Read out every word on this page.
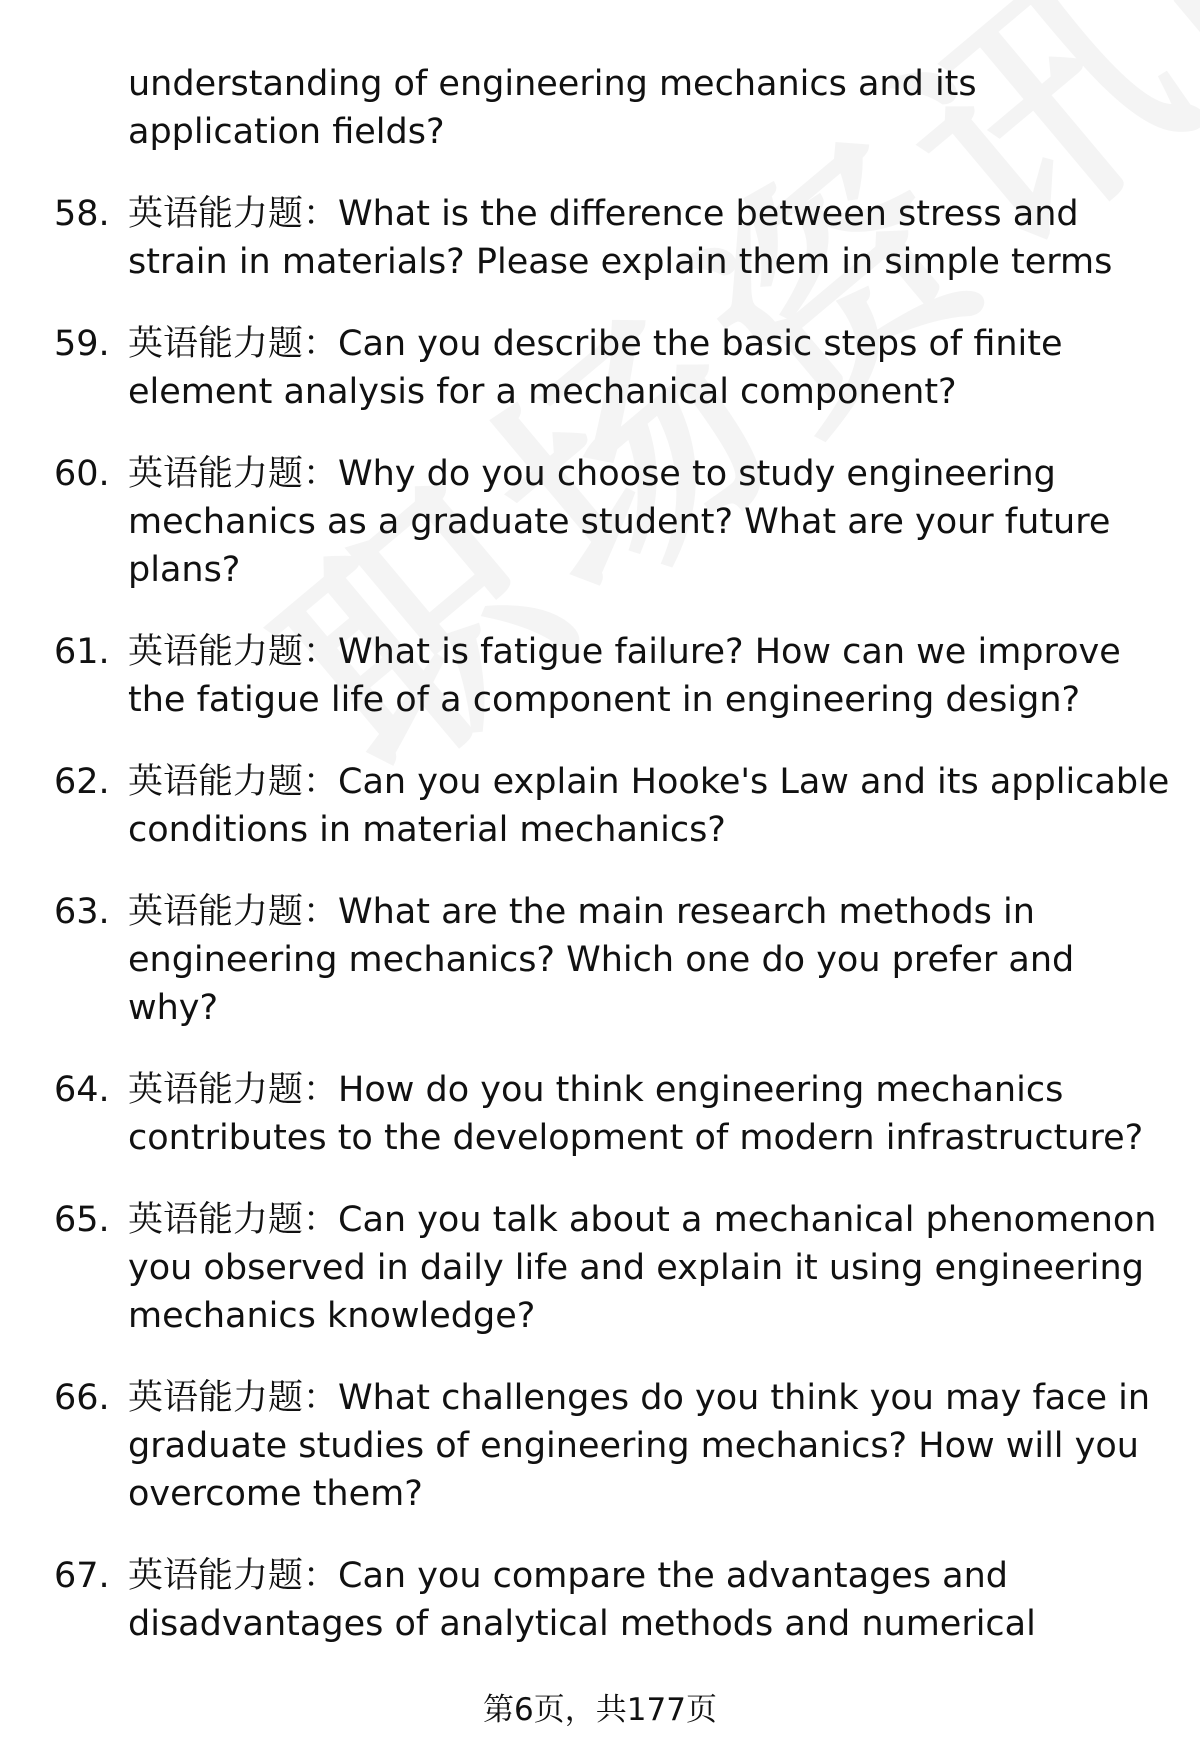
understanding of engineering mechanics and its application fields?
58. 英语能力题：What is the difference between stress and strain in materials? Please explain them in simple terms
59. 英语能力题：Can you describe the basic steps of finite element analysis for a mechanical component?
60. 英语能力题：Why do you choose to study engineering mechanics as a graduate student? What are your future plans?
61. 英语能力题：What is fatigue failure? How can we improve the fatigue life of a component in engineering design?
62. 英语能力题：Can you explain Hooke's Law and its applicable conditions in material mechanics?
63. 英语能力题：What are the main research methods in engineering mechanics? Which one do you prefer and why?
64. 英语能力题：How do you think engineering mechanics contributes to the development of modern infrastructure?
65. 英语能力题：Can you talk about a mechanical phenomenon you observed in daily life and explain it using engineering mechanics knowledge?
66. 英语能力题：What challenges do you think you may face in graduate studies of engineering mechanics? How will you overcome them?
67. 英语能力题：Can you compare the advantages and disadvantages of analytical methods and numerical
第6页，共177页
